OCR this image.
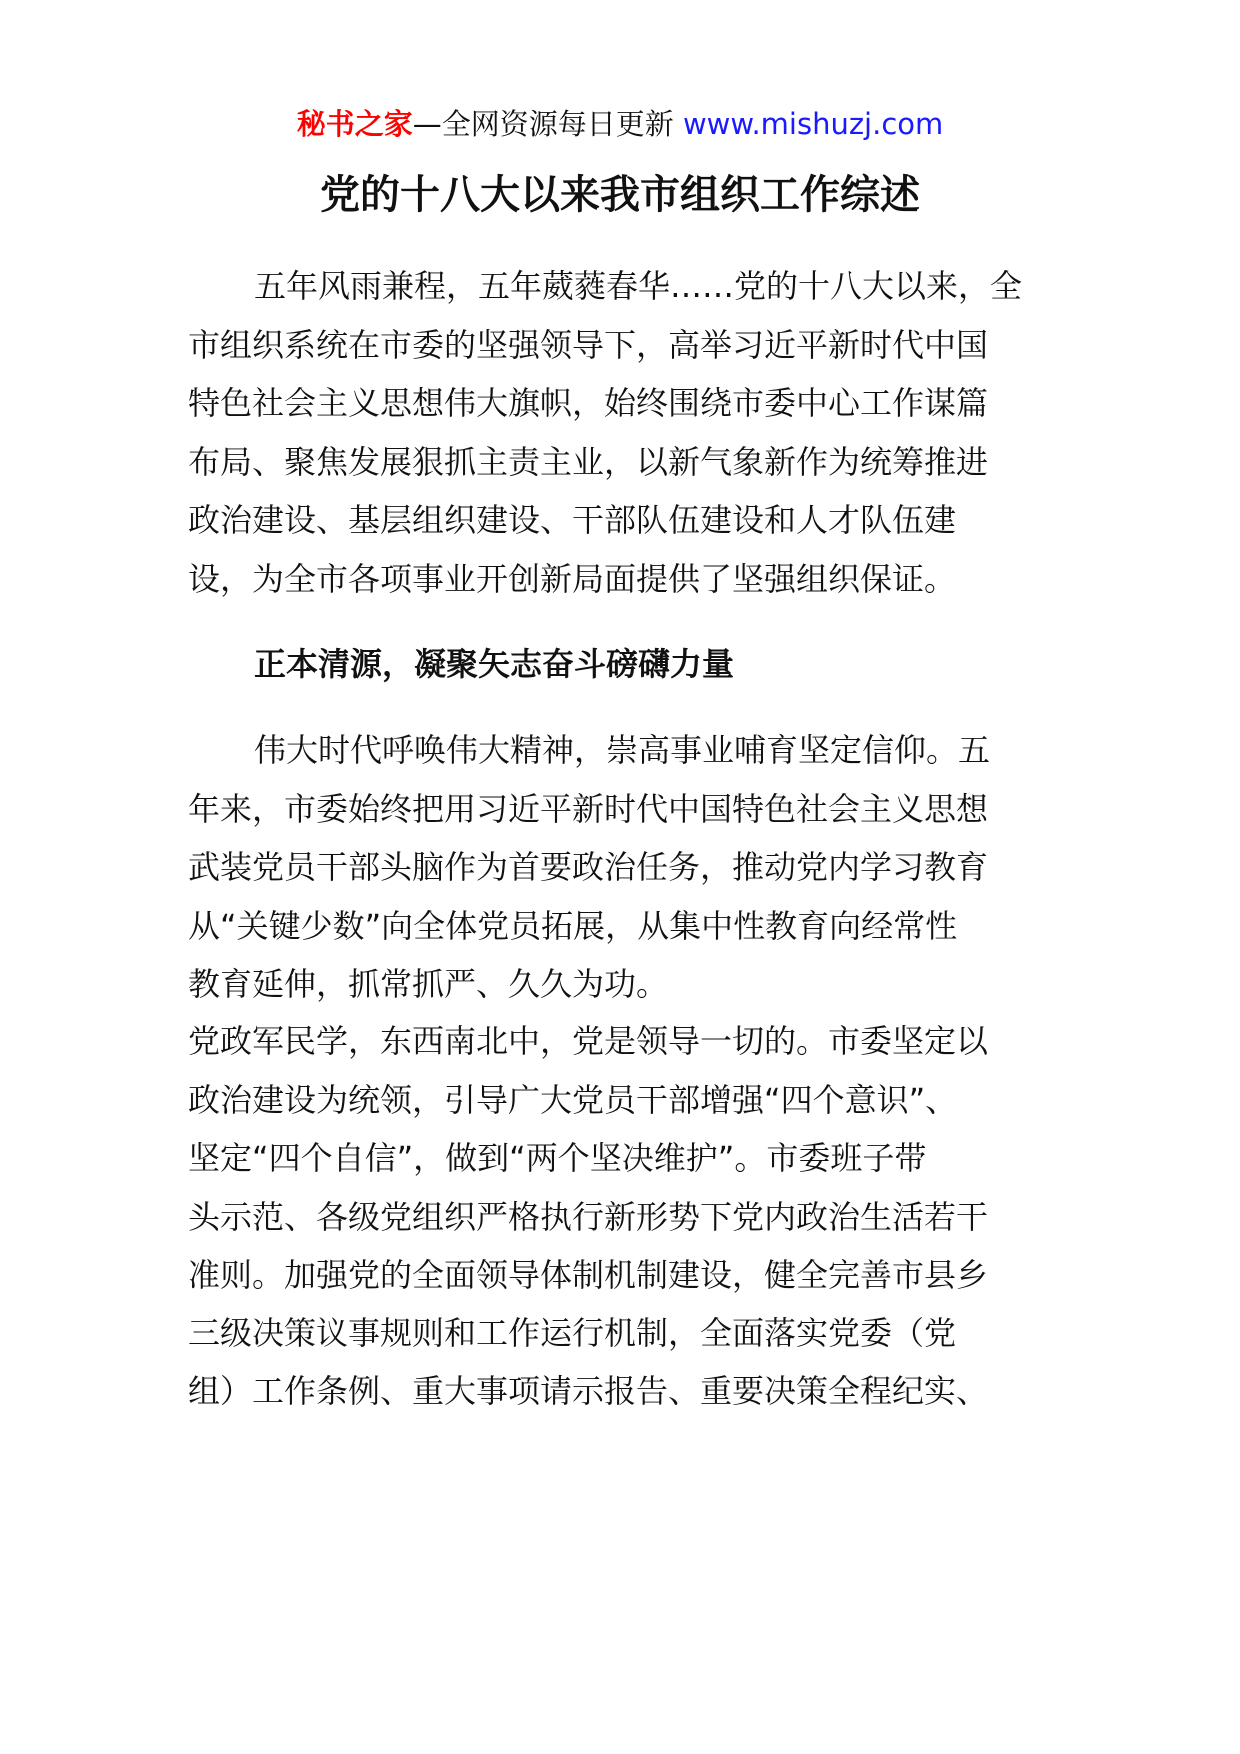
秘书之家—全网资源每日更新 www.mishuzj.com
党的十八大以来我市组织工作综述
五年风雨兼程，五年葳蕤春华……党的十八大以来，全
市组织系统在市委的坚强领导下，高举习近平新时代中国
特色社会主义思想伟大旗帜，始终围绕市委中心工作谋篇
布局、聚焦发展狠抓主责主业，以新气象新作为统筹推进
政治建设、基层组织建设、干部队伍建设和人才队伍建
设，为全市各项事业开创新局面提供了坚强组织保证。
正本清源，凝聚矢志奋斗磅礴力量
伟大时代呼唤伟大精神，崇高事业哺育坚定信仰。五
年来，市委始终把用习近平新时代中国特色社会主义思想
武装党员干部头脑作为首要政治任务，推动党内学习教育
从“关键少数”向全体党员拓展，从集中性教育向经常性
教育延伸，抓常抓严、久久为功。
党政军民学，东西南北中，党是领导一切的。市委坚定以
政治建设为统领，引导广大党员干部增强“四个意识”、
坚定“四个自信”，做到“两个坚决维护”。市委班子带
头示范、各级党组织严格执行新形势下党内政治生活若干
准则。加强党的全面领导体制机制建设，健全完善市县乡
三级决策议事规则和工作运行机制，全面落实党委（党
组）工作条例、重大事项请示报告、重要决策全程纪实、
